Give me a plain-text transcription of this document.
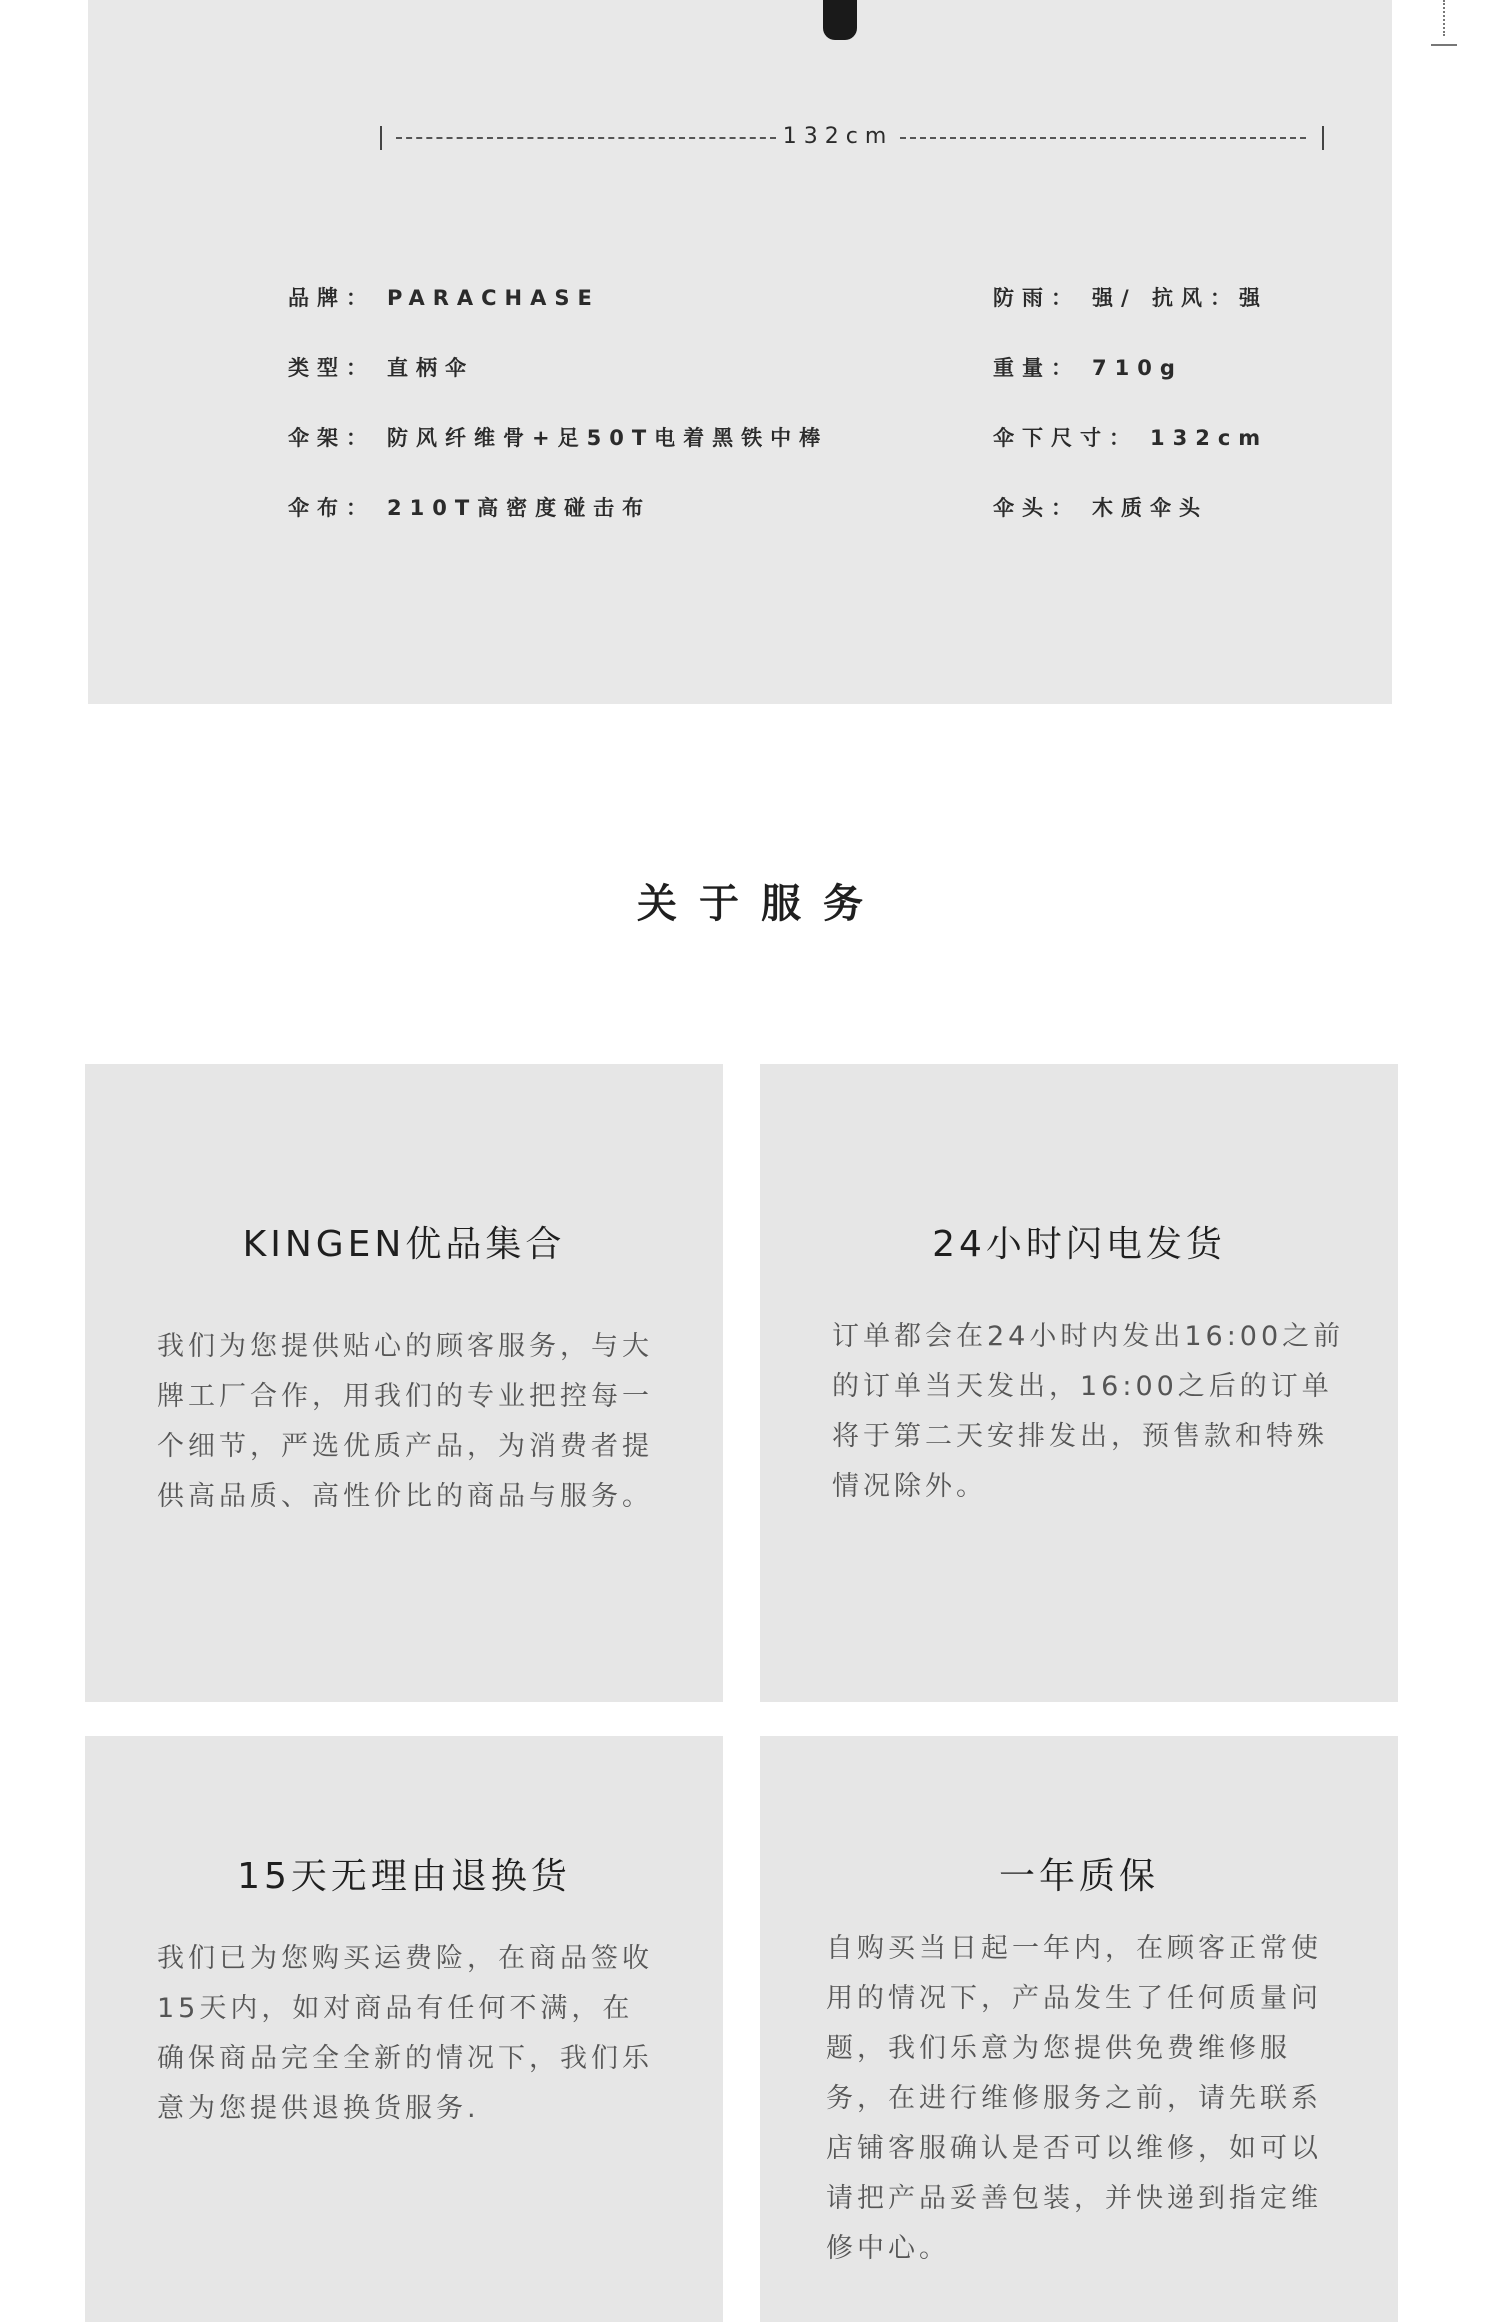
132cm
品牌： PARACHASE
类型： 直柄伞
伞架： 防风纤维骨+足50T电着黑铁中棒
伞布： 210T高密度碰击布
防雨： 强/ 抗风：强
重量： 710g
伞下尺寸： 132cm
伞头： 木质伞头
关于服务
KINGEN优品集合

我们为您提供贴心的顾客服务，与大牌工厂合作，用我们的专业把控每一个细节，严选优质产品，为消费者提供高品质、高性价比的商品与服务。

24小时闪电发货

订单都会在24小时内发出16:00之前的订单当天发出，16:00之后的订单将于第二天安排发出，预售款和特殊情况除外。

15天无理由退换货

我们已为您购买运费险，在商品签收15天内，如对商品有任何不满，在确保商品完全全新的情况下，我们乐意为您提供退换货服务.

一年质保

自购买当日起一年内，在顾客正常使用的情况下，产品发生了任何质量问题，我们乐意为您提供免费维修服务，在进行维修服务之前，请先联系店铺客服确认是否可以维修，如可以请把产品妥善包装，并快递到指定维修中心。
